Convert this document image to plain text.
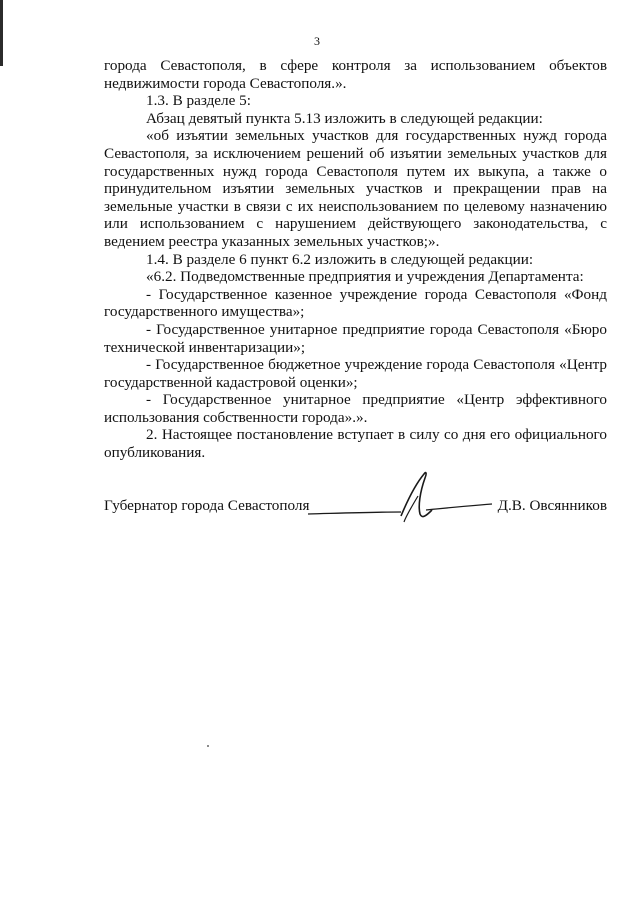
3

города Севастополя, в сфере контроля за использованием объектов недвижимости города Севастополя.».

1.3. В разделе 5:

Абзац девятый пункта 5.13 изложить в следующей редакции:

«об изъятии земельных участков для государственных нужд города Севастополя, за исключением решений об изъятии земельных участков для государственных нужд города Севастополя путем их выкупа, а также о принудительном изъятии земельных участков и прекращении прав на земельные участки в связи с их неиспользованием по целевому назначению или использованием с нарушением действующего законодательства, с ведением реестра указанных земельных участков;».

1.4. В разделе 6 пункт 6.2 изложить в следующей редакции:

«6.2. Подведомственные предприятия и учреждения Департамента:

- Государственное казенное учреждение города Севастополя «Фонд государственного имущества»;

- Государственное унитарное предприятие города Севастополя «Бюро технической инвентаризации»;

- Государственное бюджетное учреждение города Севастополя «Центр государственной кадастровой оценки»;

- Государственное унитарное предприятие «Центр эффективного использования собственности города».».

2. Настоящее постановление вступает в силу со дня его официального опубликования.

Губернатор города Севастополя	Д.В. Овсянников
